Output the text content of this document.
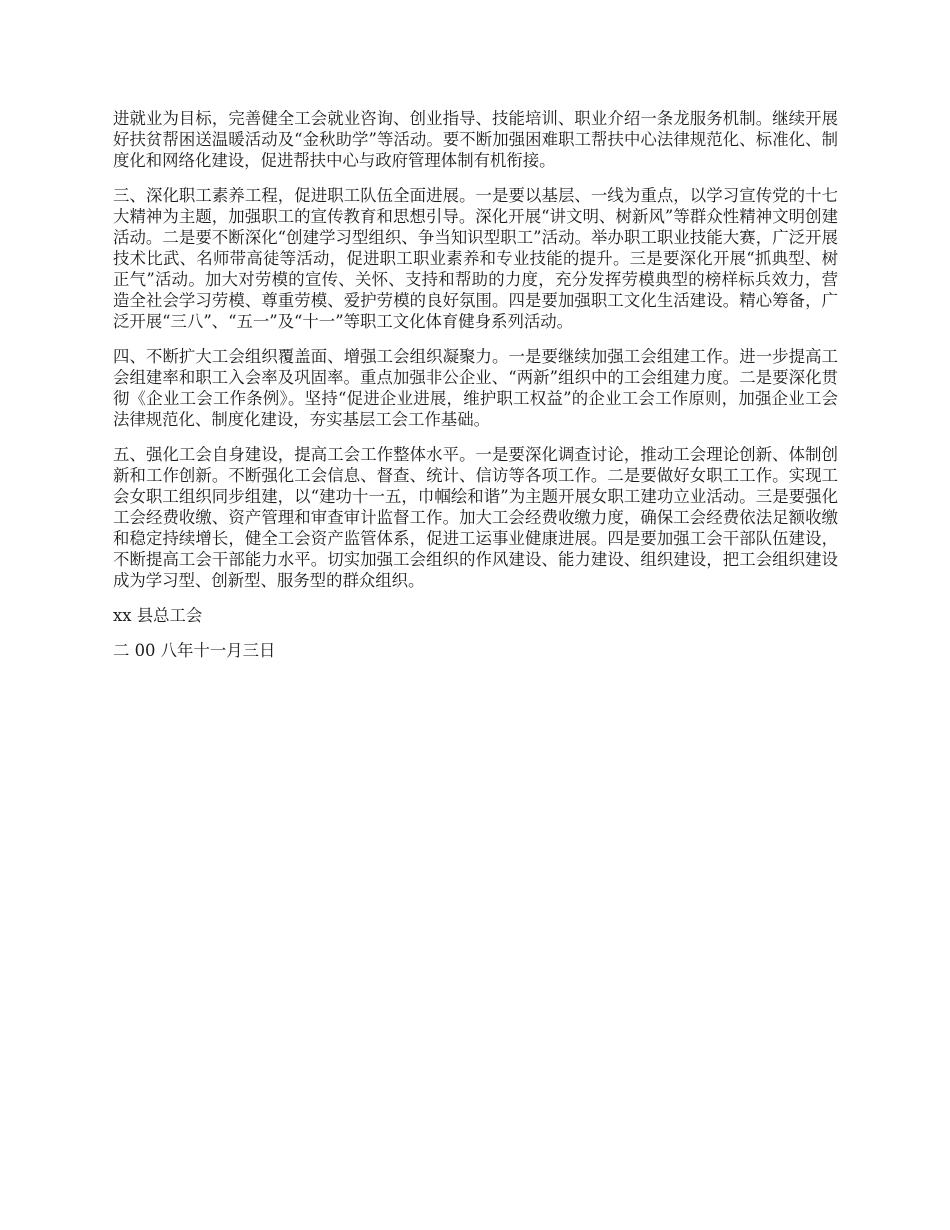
进就业为目标，完善健全工会就业咨询、创业指导、技能培训、职业介绍一条龙服务机制。继续开展好扶贫帮困送温暖活动及“金秋助学”等活动。要不断加强困难职工帮扶中心法律规范化、标准化、制度化和网络化建设，促进帮扶中心与政府管理体制有机衔接。

三、深化职工素养工程，促进职工队伍全面进展。一是要以基层、一线为重点，以学习宣传党的十七大精神为主题，加强职工的宣传教育和思想引导。深化开展“讲文明、树新风”等群众性精神文明创建活动。二是要不断深化“创建学习型组织、争当知识型职工”活动。举办职工职业技能大赛，广泛开展技术比武、名师带高徒等活动，促进职工职业素养和专业技能的提升。三是要深化开展“抓典型、树正气”活动。加大对劳模的宣传、关怀、支持和帮助的力度，充分发挥劳模典型的榜样标兵效力，营造全社会学习劳模、尊重劳模、爱护劳模的良好氛围。四是要加强职工文化生活建设。精心筹备，广泛开展“三八”、“五一”及“十一”等职工文化体育健身系列活动。

四、不断扩大工会组织覆盖面、增强工会组织凝聚力。一是要继续加强工会组建工作。进一步提高工会组建率和职工入会率及巩固率。重点加强非公企业、“两新”组织中的工会组建力度。二是要深化贯彻《企业工会工作条例》。坚持“促进企业进展，维护职工权益”的企业工会工作原则，加强企业工会法律规范化、制度化建设，夯实基层工会工作基础。

五、强化工会自身建设，提高工会工作整体水平。一是要深化调查讨论，推动工会理论创新、体制创新和工作创新。不断强化工会信息、督查、统计、信访等各项工作。二是要做好女职工工作。实现工会女职工组织同步组建，以“建功十一五，巾帼绘和谐”为主题开展女职工建功立业活动。三是要强化工会经费收缴、资产管理和审查审计监督工作。加大工会经费收缴力度，确保工会经费依法足额收缴和稳定持续增长，健全工会资产监管体系，促进工运事业健康进展。四是要加强工会干部队伍建设，不断提高工会干部能力水平。切实加强工会组织的作风建设、能力建设、组织建设，把工会组织建设成为学习型、创新型、服务型的群众组织。

xx 县总工会

二 00 八年十一月三日
